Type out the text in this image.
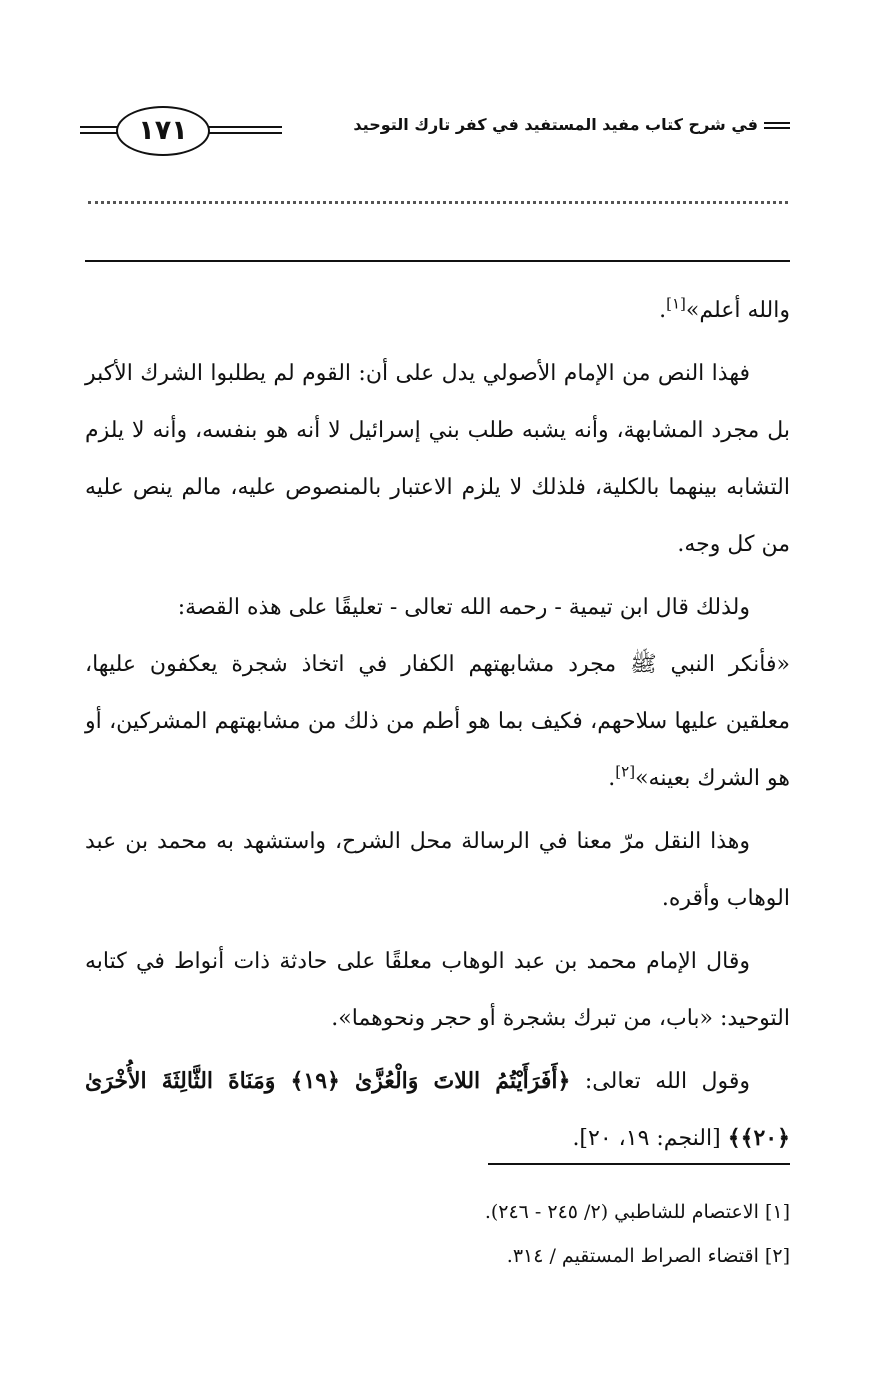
في شرح كتاب مفيد المستفيد في كفر تارك التوحيد
١٧١

والله أعلم»[١].

فهذا النص من الإمام الأصولي يدل على أن: القوم لم يطلبوا الشرك الأكبر بل مجرد المشابهة، وأنه يشبه طلب بني إسرائيل لا أنه هو بنفسه، وأنه لا يلزم التشابه بينهما بالكلية، فلذلك لا يلزم الاعتبار بالمنصوص عليه، مالم ينص عليه من كل وجه.

ولذلك قال ابن تيمية - رحمه الله تعالى - تعليقًا على هذه القصة:

«فأنكر النبي ﷺ مجرد مشابهتهم الكفار في اتخاذ شجرة يعكفون عليها، معلقين عليها سلاحهم، فكيف بما هو أطم من ذلك من مشابهتهم المشركين، أو هو الشرك بعينه»[٢].

وهذا النقل مرّ معنا في الرسالة محل الشرح، واستشهد به محمد بن عبد الوهاب وأقره.

وقال الإمام محمد بن عبد الوهاب معلقًا على حادثة ذات أنواط في كتابه التوحيد: «باب، من تبرك بشجرة أو حجر ونحوهما».

وقول الله تعالى: ﴿أَفَرَأَيْتُمُ اللاتَ وَالْعُزَّىٰ ﴿١٩﴾ وَمَنَاةَ الثَّالِثَةَ الأُخْرَىٰ ﴿٢٠﴾﴾ [النجم: ١٩، ٢٠].

[١] الاعتصام للشاطبي (٢/ ٢٤٥ - ٢٤٦).

[٢] اقتضاء الصراط المستقيم / ٣١٤.
